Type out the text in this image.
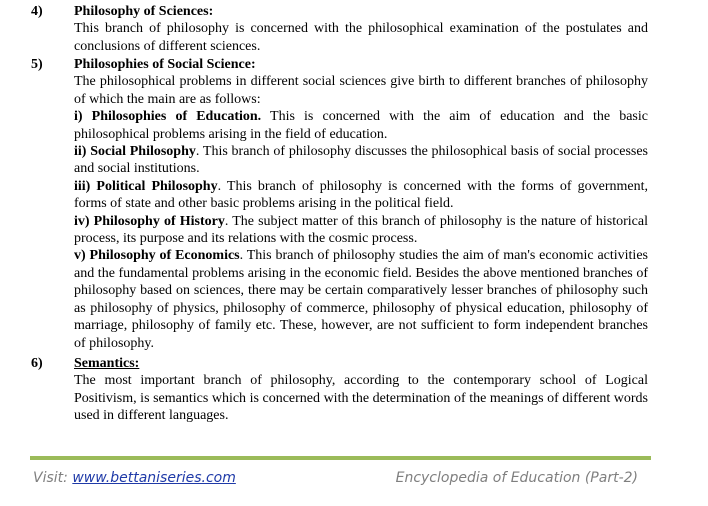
4) Philosophy of Sciences:
This branch of philosophy is concerned with the philosophical examination of the postulates and conclusions of different sciences.
5) Philosophies of Social Science:
The philosophical problems in different social sciences give birth to different branches of philosophy of which the main are as follows:
i) Philosophies of Education. This is concerned with the aim of education and the basic philosophical problems arising in the field of education.
ii) Social Philosophy. This branch of philosophy discusses the philosophical basis of social processes and social institutions.
iii) Political Philosophy. This branch of philosophy is concerned with the forms of government, forms of state and other basic problems arising in the political field.
iv) Philosophy of History. The subject matter of this branch of philosophy is the nature of historical process, its purpose and its relations with the cosmic process.
v) Philosophy of Economics. This branch of philosophy studies the aim of man's economic activities and the fundamental problems arising in the economic field. Besides the above mentioned branches of philosophy based on sciences, there may be certain comparatively lesser branches of philosophy such as philosophy of physics, philosophy of commerce, philosophy of physical education, philosophy of marriage, philosophy of family etc. These, however, are not sufficient to form independent branches of philosophy.
6) Semantics:
The most important branch of philosophy, according to the contemporary school of Logical Positivism, is semantics which is concerned with the determination of the meanings of different words used in different languages.
Visit: www.bettaniseries.com	Encyclopedia of Education (Part-2)
